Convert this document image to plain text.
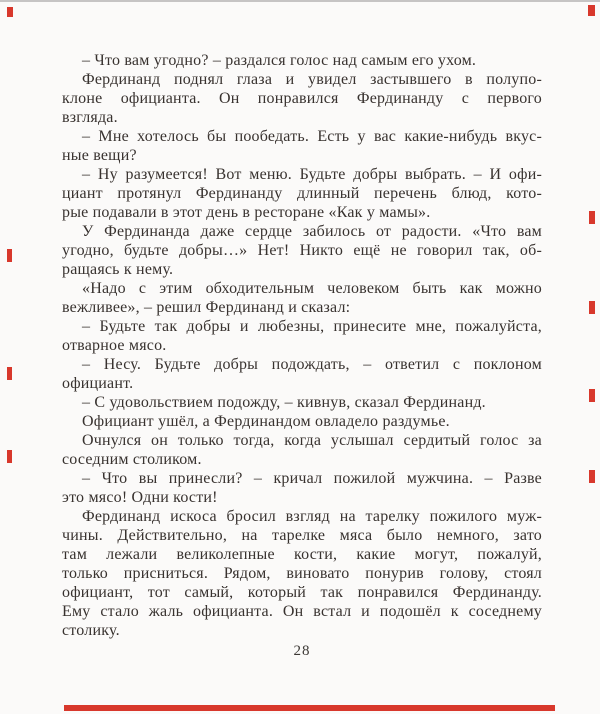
– Что вам угодно? – раздался голос над самым его ухом.
Фердинанд поднял глаза и увидел застывшего в полупо-
клоне официанта. Он понравился Фердинанду с первого
взгляда.
– Мне хотелось бы пообедать. Есть у вас какие-нибудь вкус-
ные вещи?
– Ну разумеется! Вот меню. Будьте добры выбрать. – И офи-
циант протянул Фердинанду длинный перечень блюд, кото-
рые подавали в этот день в ресторане «Как у мамы».
У Фердинанда даже сердце забилось от радости. «Что вам
угодно, будьте добры…» Нет! Никто ещё не говорил так, об-
ращаясь к нему.
«Надо с этим обходительным человеком быть как можно
вежливее», – решил Фердинанд и сказал:
– Будьте так добры и любезны, принесите мне, пожалуйста,
отварное мясо.
– Несу. Будьте добры подождать, – ответил с поклоном
официант.
– С удовольствием подожду, – кивнув, сказал Фердинанд.
Официант ушёл, а Фердинандом овладело раздумье.
Очнулся он только тогда, когда услышал сердитый голос за
соседним столиком.
– Что вы принесли? – кричал пожилой мужчина. – Разве
это мясо! Одни кости!
Фердинанд искоса бросил взгляд на тарелку пожилого муж-
чины. Действительно, на тарелке мяса было немного, зато
там лежали великолепные кости, какие могут, пожалуй,
только присниться. Рядом, виновато понурив голову, стоял
официант, тот самый, который так понравился Фердинанду.
Ему стало жаль официанта. Он встал и подошёл к соседнему
столику.
28
